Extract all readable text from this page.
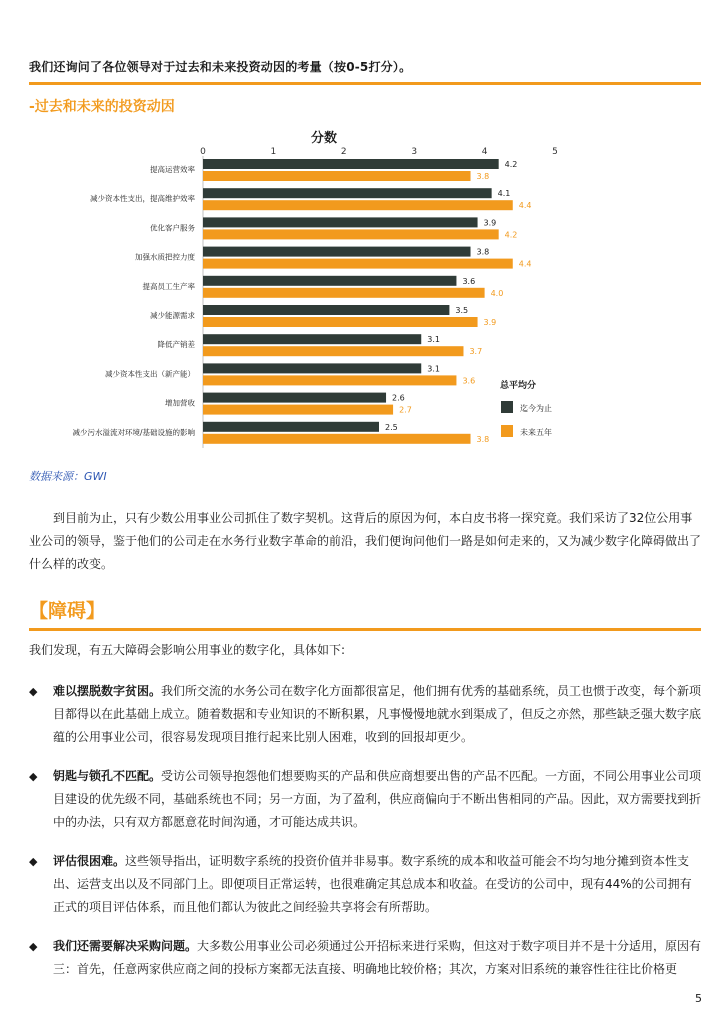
我们还询问了各位领导对于过去和未来投资动因的考量（按0-5打分）。
-过去和未来的投资动因
分数
0	1	2	3	4	5
提高运营效率
4.2
3.8
减少资本性支出，提高维护效率
4.1
4.4
优化客户服务
3.9
4.2
加强水质把控力度
3.8
4.4
提高员工生产率
3.6
4.0
减少能源需求
3.5
3.9
降低产销差
3.1
3.7
减少资本性支出（新产能）
3.1
3.6
增加营收
2.6
2.7
减少污水溢流对环境/基础设施的影响
2.5
3.8
总平均分
迄今为止
未来五年
数据来源：GWI
到目前为止，只有少数公用事业公司抓住了数字契机。这背后的原因为何，本白皮书将一探究竟。我们采访了32位公用事业公司的领导，鉴于他们的公司走在水务行业数字革命的前沿，我们便询问他们一路是如何走来的，又为减少数字化障碍做出了什么样的改变。
【障碍】
我们发现，有五大障碍会影响公用事业的数字化，具体如下:
◆ 难以摆脱数字贫困。我们所交流的水务公司在数字化方面都很富足，他们拥有优秀的基础系统，员工也惯于改变，每个新项目都得以在此基础上成立。随着数据和专业知识的不断积累，凡事慢慢地就水到渠成了，但反之亦然，那些缺乏强大数字底蕴的公用事业公司，很容易发现项目推行起来比别人困难，收到的回报却更少。
◆ 钥匙与锁孔不匹配。受访公司领导抱怨他们想要购买的产品和供应商想要出售的产品不匹配。一方面，不同公用事业公司项目建设的优先级不同，基础系统也不同；另一方面，为了盈利，供应商偏向于不断出售相同的产品。因此，双方需要找到折中的办法，只有双方都愿意花时间沟通，才可能达成共识。
◆ 评估很困难。这些领导指出，证明数字系统的投资价值并非易事。数字系统的成本和收益可能会不均匀地分摊到资本性支出、运营支出以及不同部门上。即便项目正常运转，也很难确定其总成本和收益。在受访的公司中，现有44%的公司拥有正式的项目评估体系，而且他们都认为彼此之间经验共享将会有所帮助。
◆ 我们还需要解决采购问题。大多数公用事业公司必须通过公开招标来进行采购，但这对于数字项目并不是十分适用，原因有三：首先，任意两家供应商之间的投标方案都无法直接、明确地比较价格；其次，方案对旧系统的兼容性往往比价格更
5
